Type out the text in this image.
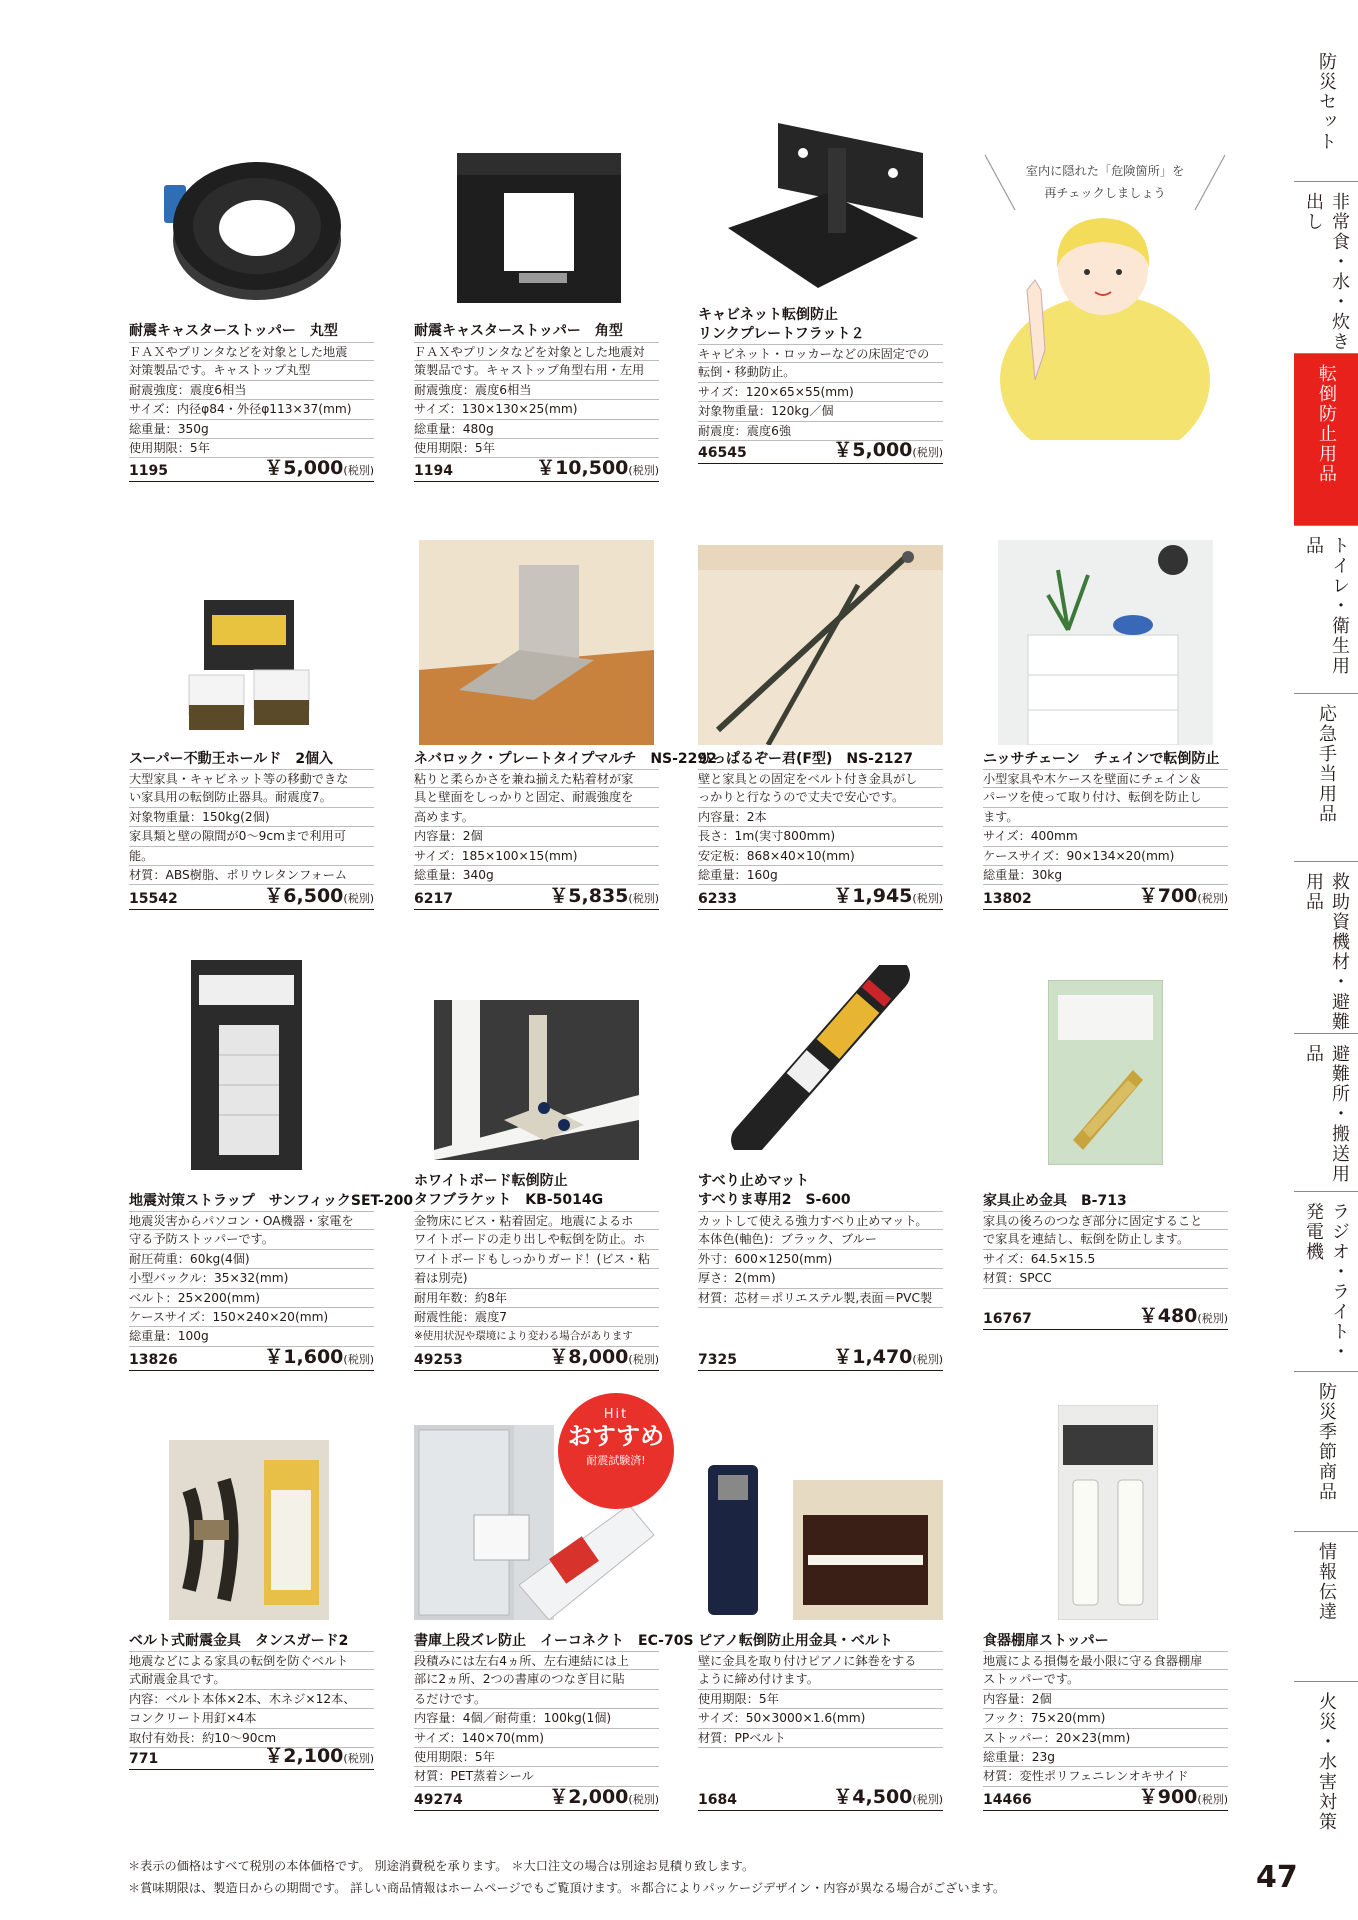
耐震キャスターストッパー　丸型
ＦＡＸやプリンタなどを対象とした地震
対策製品です。キャストップ丸型
耐震強度：震度6相当
サイズ：内径φ84・外径φ113×37(mm)
総重量：350g
使用期限：5年
1195	￥5,000(税別)
耐震キャスターストッパー　角型
ＦＡＸやプリンタなどを対象とした地震対
策製品です。キャストップ角型右用・左用
耐震強度：震度6相当
サイズ：130×130×25(mm)
総重量：480g
使用期限：5年
1194	￥10,500(税別)
キャビネット転倒防止
リンクプレートフラット２
キャビネット・ロッカーなどの床固定での
転倒・移動防止。
サイズ：120×65×55(mm)
対象物重量：120kg／個
耐震度：震度6強
46545	￥5,000(税別)
室内に隠れた「危険箇所」を
再チェックしましょう
スーパー不動王ホールド　2個入
大型家具・キャビネット等の移動できな
い家具用の転倒防止器具。耐震度7。
対象物重量：150kg(2個)
家具類と壁の隙間が0〜9cmまで利用可
能。
材質：ABS樹脂、ポリウレタンフォーム
15542	￥6,500(税別)
ネバロック・プレートタイプマルチ　NS-2292
粘りと柔らかさを兼ね揃えた粘着材が家
具と壁面をしっかりと固定、耐震強度を
高めます。
内容量：2個
サイズ：185×100×15(mm)
総重量：340g
6217	￥5,835(税別)
ひっぱるぞー君(F型)　NS-2127
壁と家具との固定をベルト付き金具がし
っかりと行なうので丈夫で安心です。
内容量：2本
長さ：1m(実寸800mm)
安定板：868×40×10(mm)
総重量：160g
6233	￥1,945(税別)
ニッサチェーン　チェインで転倒防止
小型家具や木ケースを壁面にチェイン＆
パーツを使って取り付け、転倒を防止し
ます。
サイズ：400mm
ケースサイズ：90×134×20(mm)
総重量：30kg
13802	￥700(税別)
地震対策ストラップ　サンフィックSET-200
地震災害からパソコン・OA機器・家電を
守る予防ストッパーです。
耐圧荷重：60kg(4個)
小型バックル：35×32(mm)
ベルト：25×200(mm)
ケースサイズ：150×240×20(mm)
総重量：100g
13826	￥1,600(税別)
ホワイトボード転倒防止
タフブラケット　KB-5014G
金物床にビス・粘着固定。地震によるホ
ワイトボードの走り出しや転倒を防止。ホ
ワイトボードもしっかりガード！(ビス・粘
着は別売)
耐用年数：約8年
耐震性能：震度7
※使用状況や環境により変わる場合があります
49253	￥8,000(税別)
すべり止めマット
すべりま専用2　S-600
カットして使える強力すべり止めマット。
本体色(軸色)：ブラック、ブルー
外寸：600×1250(mm)
厚さ：2(mm)
材質：芯材＝ポリエステル製,表面＝PVC製
7325	￥1,470(税別)
家具止め金具　B-713
家具の後ろのつなぎ部分に固定すること
で家具を連結し、転倒を防止します。
サイズ：64.5×15.5
材質：SPCC
16767	￥480(税別)
ベルト式耐震金具　タンスガード2
地震などによる家具の転倒を防ぐベルト
式耐震金具です。
内容：ベルト本体×2本、木ネジ×12本、
コンクリート用釘×4本
取付有効長：約10〜90cm
771	￥2,100(税別)
書庫上段ズレ防止　イーコネクト　EC-70S
段積みには左右4ヵ所、左右連結には上
部に2ヵ所、2つの書庫のつなぎ目に貼
るだけです。
内容量：4個／耐荷重：100kg(1個)
サイズ：140×70(mm)
使用期限：5年
材質：PET蒸着シール
49274	￥2,000(税別)
Hit
おすすめ
耐震試験済!
ピアノ転倒防止用金具・ベルト
壁に金具を取り付けピアノに鉢巻をする
ように締め付けます。
使用期限：5年
サイズ：50×3000×1.6(mm)
材質：PPベルト
1684	￥4,500(税別)
食器棚扉ストッパー
地震による損傷を最小限に守る食器棚扉
ストッパーです。
内容量：2個
フック：75×20(mm)
ストッパー：20×23(mm)
総重量：23g
材質：変性ポリフェニレンオキサイド
14466	￥900(税別)
防災セット
非常食・水・炊き出し
転倒防止用品
トイレ・衛生用品
応急手当用品
救助資機材・避難用品
避難所・搬送用品
ラジオ・ライト・発電機
防災季節商品
情報伝達
火災・水害対策
＊表示の価格はすべて税別の本体価格です。 別途消費税を承ります。 ＊大口注文の場合は別途お見積り致します。
＊賞味期限は、製造日からの期間です。 詳しい商品情報はホームページでもご覧頂けます。＊都合によりパッケージデザイン・内容が異なる場合がございます。	47
